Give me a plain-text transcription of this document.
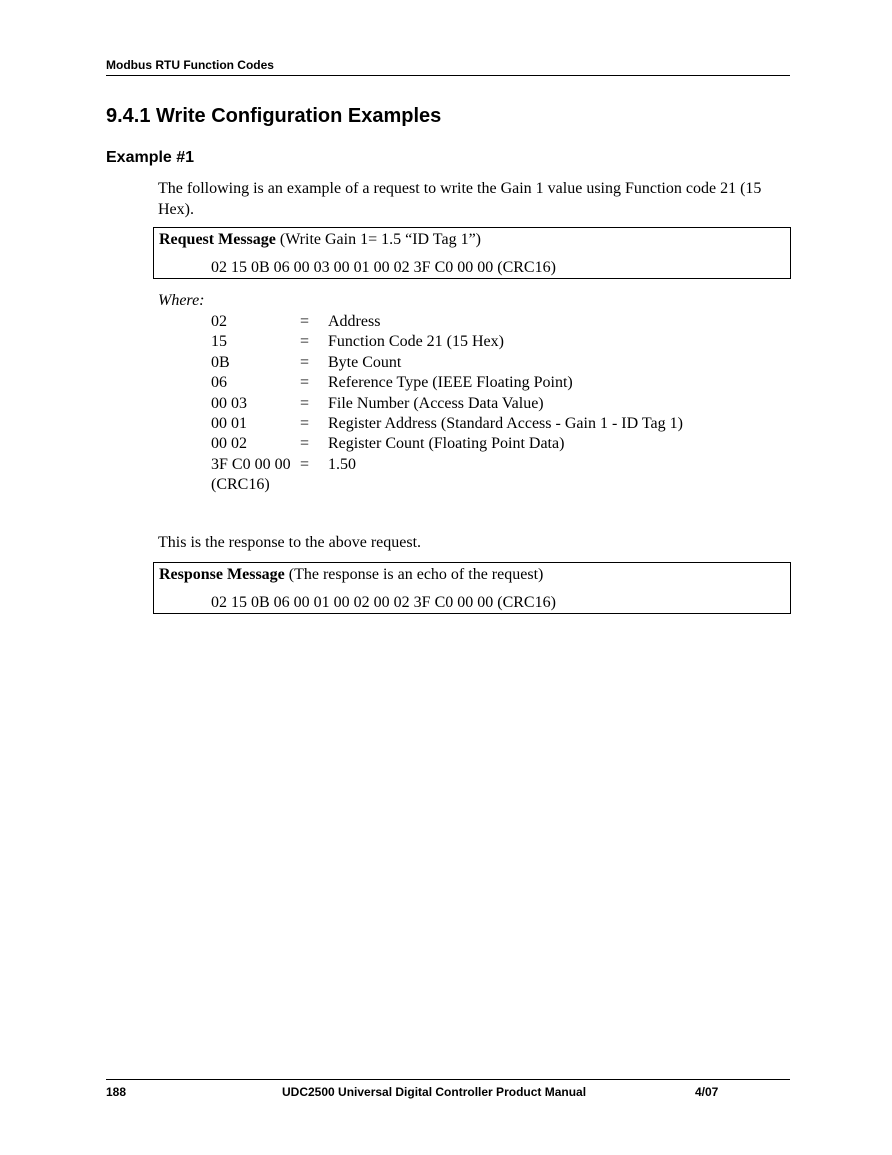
Modbus RTU Function Codes
9.4.1 Write Configuration Examples
Example #1

The following is an example of a request to write the Gain 1 value using Function code 21 (15 Hex).

Request Message (Write Gain 1= 1.5 “ID Tag 1”)
02 15 0B 06 00 03 00 01 00 02 3F C0 00 00 (CRC16)
Where:
02	= Address
15	= Function Code 21 (15 Hex)
0B	= Byte Count
06	= Reference Type (IEEE Floating Point)
00 03	= File Number (Access Data Value)
00 01	= Register Address (Standard Access - Gain 1 - ID Tag 1)
00 02	= Register Count (Floating Point Data)
3F C0 00 00 = 1.50
(CRC16)

This is the response to the above request.

Response Message (The response is an echo of the request)
02 15 0B 06 00 01 00 02 00 02 3F C0 00 00 (CRC16)
188	UDC2500 Universal Digital Controller Product Manual	4/07
